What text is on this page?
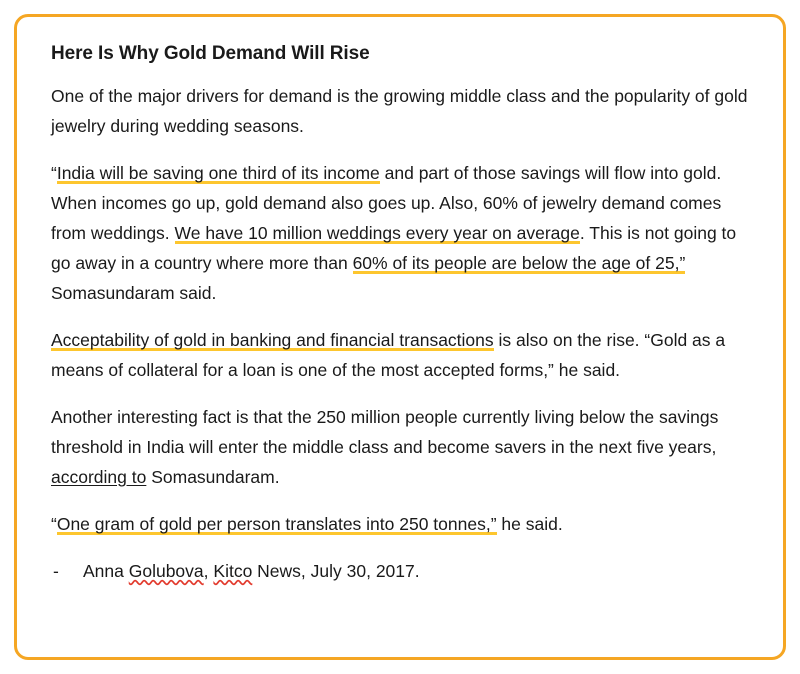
Here Is Why Gold Demand Will Rise

One of the major drivers for demand is the growing middle class and the popularity of gold jewelry during wedding seasons.

“India will be saving one third of its income and part of those savings will flow into gold. When incomes go up, gold demand also goes up. Also, 60% of jewelry demand comes from weddings. We have 10 million weddings every year on average. This is not going to go away in a country where more than 60% of its people are below the age of 25,” Somasundaram said.

Acceptability of gold in banking and financial transactions is also on the rise. “Gold as a means of collateral for a loan is one of the most accepted forms,” he said.

Another interesting fact is that the 250 million people currently living below the savings threshold in India will enter the middle class and become savers in the next five years, according to Somasundaram.

“One gram of gold per person translates into 250 tonnes,” he said.

- Anna Golubova, Kitco News, July 30, 2017.
